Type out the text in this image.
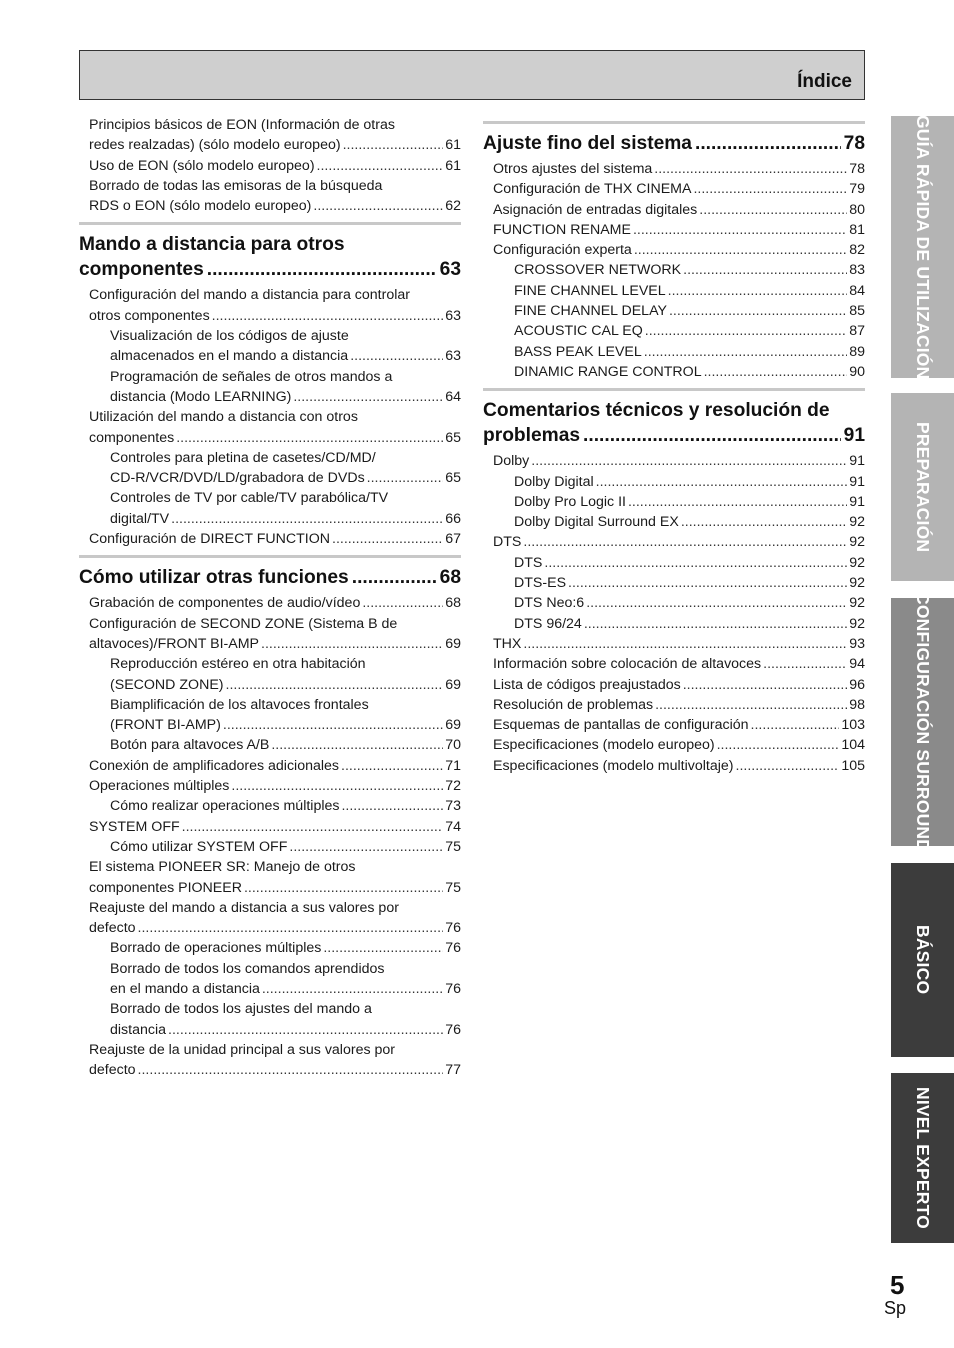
Índice
Principios básicos de EON (Información de otras
redes realzadas) (sólo modelo europeo) .....	61
Uso de EON (sólo modelo europeo) .....	61
Borrado de todas las emisoras de la búsqueda
RDS o EON (sólo modelo europeo) .....	62
Mando a distancia para otros
componentes .....	63
Configuración del mando a distancia para controlar
otros componentes .....	63
Visualización de los códigos de ajuste
almacenados en el mando a distancia .....	63
Programación de señales de otros mandos a
distancia (Modo LEARNING) .....	64
Utilización del mando a distancia con otros
componentes .....	65
Controles para pletina de casetes/CD/MD/
CD-R/VCR/DVD/LD/grabadora de DVDs .....	65
Controles de TV por cable/TV parabólica/TV
digital/TV .....	66
Configuración de DIRECT FUNCTION .....	67
Cómo utilizar otras funciones .....	68
Grabación de componentes de audio/vídeo .....	68
Configuración de SECOND ZONE (Sistema B de
altavoces)/FRONT BI-AMP .....	69
Reproducción estéreo en otra habitación
(SECOND ZONE) .....	69
Biamplificación de los altavoces frontales
(FRONT BI-AMP) .....	69
Botón para altavoces A/B .....	70
Conexión de amplificadores adicionales .....	71
Operaciones múltiples .....	72
Cómo realizar operaciones múltiples .....	73
SYSTEM OFF .....	74
Cómo utilizar SYSTEM OFF .....	75
El sistema PIONEER SR: Manejo de otros
componentes PIONEER .....	75
Reajuste del mando a distancia a sus valores por
defecto .....	76
Borrado de operaciones múltiples .....	76
Borrado de todos los comandos aprendidos
en el mando a distancia .....	76
Borrado de todos los ajustes del mando a
distancia .....	76
Reajuste de la unidad principal a sus valores por
defecto .....	77
Ajuste fino del sistema .....	78
Otros ajustes del sistema .....	78
Configuración de THX CINEMA .....	79
Asignación de entradas digitales .....	80
FUNCTION RENAME .....	81
Configuración experta .....	82
CROSSOVER NETWORK .....	83
FINE CHANNEL LEVEL .....	84
FINE CHANNEL DELAY .....	85
ACOUSTIC CAL EQ .....	87
BASS PEAK LEVEL .....	89
DINAMIC RANGE CONTROL .....	90
Comentarios técnicos y resolución de
problemas .....	91
Dolby .....	91
Dolby Digital .....	91
Dolby Pro Logic II .....	91
Dolby Digital Surround EX .....	92
DTS .....	92
DTS .....	92
DTS-ES .....	92
DTS Neo:6 .....	92
DTS 96/24 .....	92
THX .....	93
Información sobre colocación de altavoces .....	94
Lista de códigos preajustados .....	96
Resolución de problemas .....	98
Esquemas de pantallas de configuración .....	103
Especificaciones (modelo europeo) .....	104
Especificaciones (modelo multivoltaje) .....	105
GUÍA RÁPIDA DE UTILIZACIÓN
PREPARACIÓN
CONFIGURACIÓN SURROUND
BÁSICO
NIVEL EXPERTO
5
Sp
